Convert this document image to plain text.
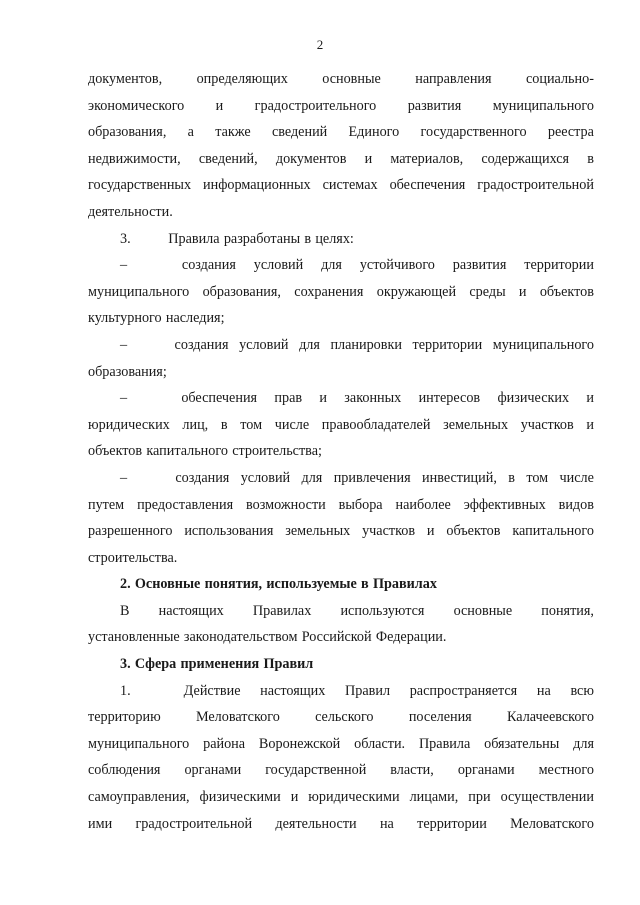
2
документов, определяющих основные направления социально-
экономического и градостроительного развития муниципального
образования, а также сведений Единого государственного реестра
недвижимости, сведений, документов и материалов, содержащихся в
государственных информационных системах обеспечения градостроительной
деятельности.
3.	Правила разработаны в целях:
–	создания условий для устойчивого развития территории
муниципального образования, сохранения окружающей среды и объектов
культурного наследия;
–	создания условий для планировки территории муниципального
образования;
–	обеспечения прав и законных интересов физических и
юридических лиц, в том числе правообладателей земельных участков и
объектов капитального строительства;
–	создания условий для привлечения инвестиций, в том числе
путем предоставления возможности выбора наиболее эффективных видов
разрешенного использования земельных участков и объектов капитального
строительства.
2. Основные понятия, используемые в Правилах
В настоящих Правилах используются основные понятия,
установленные законодательством Российской Федерации.
3. Сфера применения Правил
1.	Действие настоящих Правил распространяется на всю
территорию Меловатского сельского поселения Калачеевского
муниципального района Воронежской области. Правила обязательны для
соблюдения органами государственной власти, органами местного
самоуправления, физическими и юридическими лицами, при осуществлении
ими градостроительной деятельности на территории Меловатского
